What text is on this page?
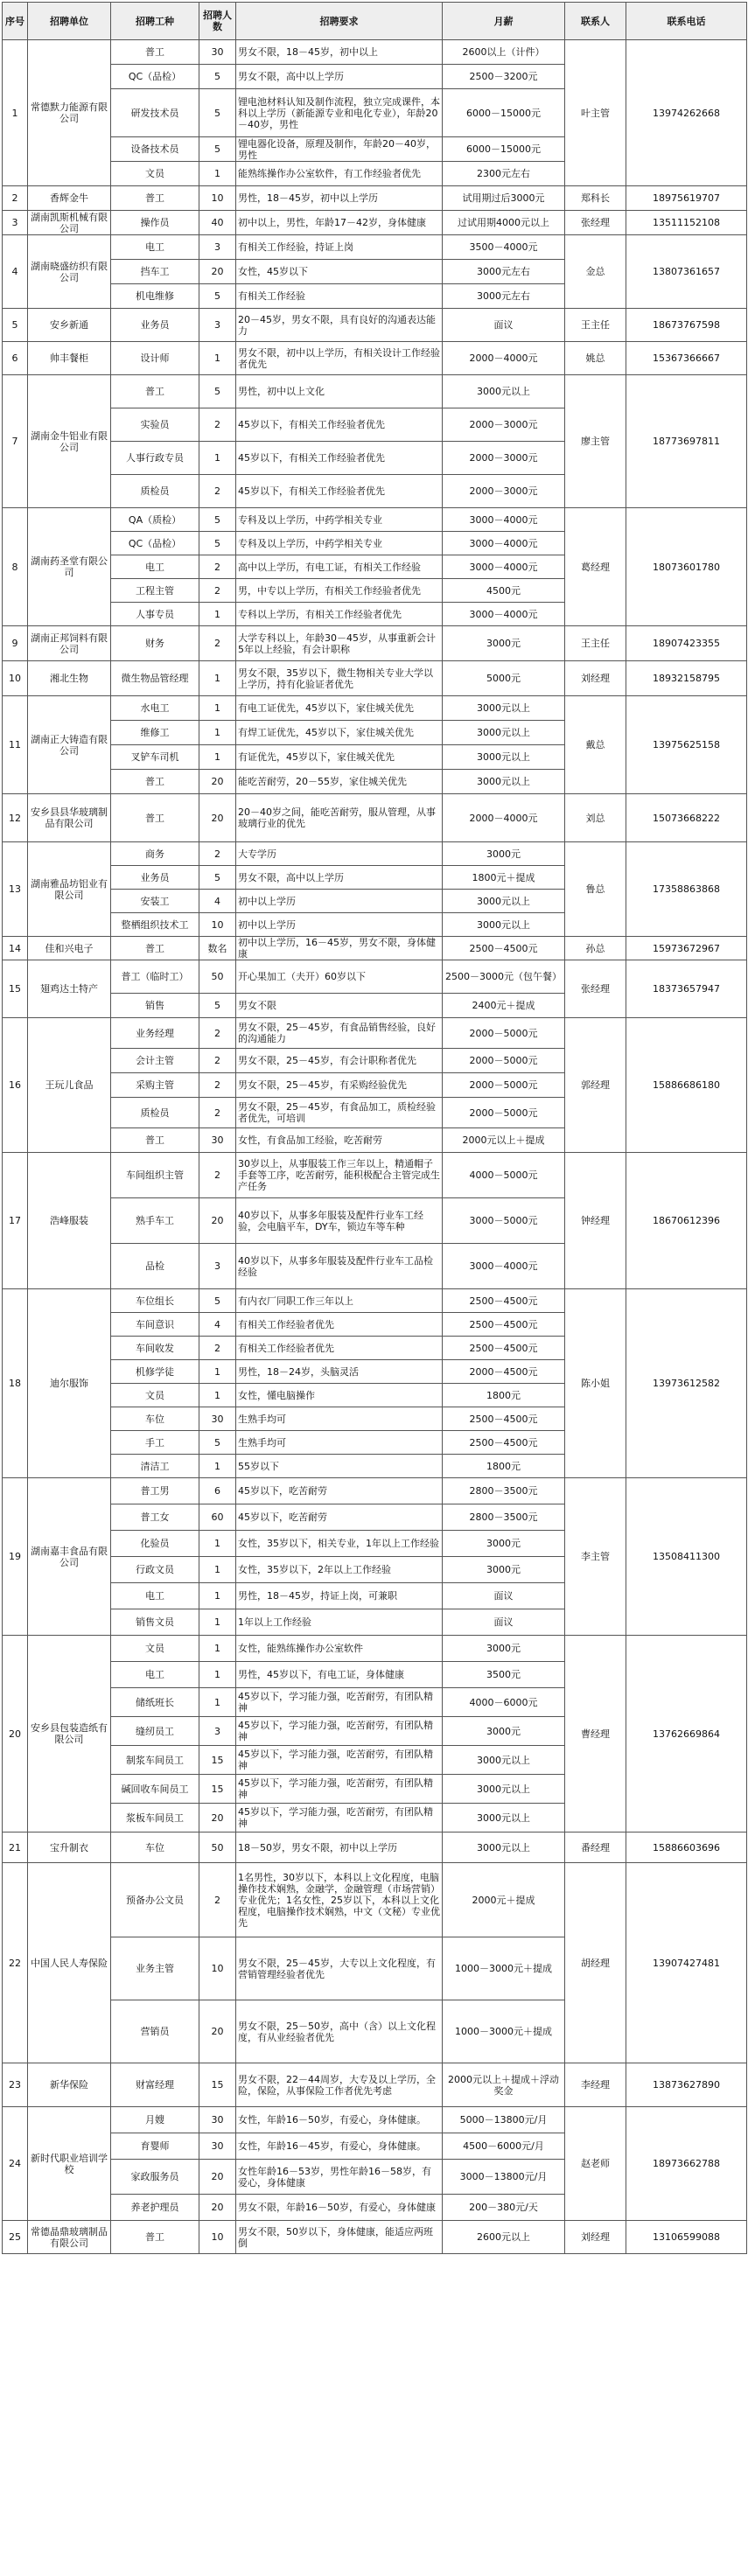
序号	招聘单位	招聘工种	招聘人数	招聘要求	月薪	联系人	联系电话
1	常德默力能源有限公司	普工	30	男女不限，18－45岁，初中以上	2600以上（计件）	叶主管	13974262668
		QC（品检）	5	男女不限，高中以上学历	2500－3200元		
		研发技术员	5	锂电池材料认知及制作流程，独立完成课件，本科以上学历（新能源专业和电化专业），年龄20－40岁，男性	6000－15000元		
		设备技术员	5	锂电器化设备，原理及制作，年龄20－40岁，男性	6000－15000元		
		文员	1	能熟练操作办公室软件，有工作经验者优先	2300元左右		
2	香辉金牛	普工	10	男性，18－45岁，初中以上学历	试用期过后3000元	郑科长	18975619707
3	湖南凯斯机械有限公司	操作员	40	初中以上，男性，年龄17－42岁，身体健康	过试用期4000元以上	张经理	13511152108
4	湖南晓盛纺织有限公司	电工	3	有相关工作经验，持证上岗	3500－4000元	金总	13807361657
		挡车工	20	女性，45岁以下	3000元左右		
		机电维修	5	有相关工作经验	3000元左右		
5	安乡新通	业务员	3	20－45岁，男女不限，具有良好的沟通表达能力	面议	王主任	18673767598
6	帅丰餐柜	设计师	1	男女不限，初中以上学历，有相关设计工作经验者优先	2000－4000元	姚总	15367366667
7	湖南金牛铝业有限公司	普工	5	男性，初中以上文化	3000元以上	廖主管	18773697811
		实验员	2	45岁以下，有相关工作经验者优先	2000－3000元		
		人事行政专员	1	45岁以下，有相关工作经验者优先	2000－3000元		
		质检员	2	45岁以下，有相关工作经验者优先	2000－3000元		
8	湖南药圣堂有限公司	QA（质检）	5	专科及以上学历，中药学相关专业	3000－4000元	葛经理	18073601780
		QC（品检）	5	专科及以上学历，中药学相关专业	3000－4000元		
		电工	2	高中以上学历，有电工证，有相关工作经验	3000－4000元		
		工程主管	2	男，中专以上学历，有相关工作经验者优先	4500元		
		人事专员	1	专科以上学历，有相关工作经验者优先	3000－4000元		
9	湖南正邦饲料有限公司	财务	2	大学专科以上，年龄30－45岁，从事重新会计5年以上经验，有会计职称	3000元	王主任	18907423355
10	湘北生物	微生物品管经理	1	男女不限，35岁以下，微生物相关专业大学以上学历，持有化验证者优先	5000元	刘经理	18932158795
11	湖南正大铸造有限公司	水电工	1	有电工证优先，45岁以下，家住城关优先	3000元以上	戴总	13975625158
		维修工	1	有焊工证优先，45岁以下，家住城关优先	3000元以上		
		叉铲车司机	1	有证优先，45岁以下，家住城关优先	3000元以上		
		普工	20	能吃苦耐劳，20－55岁，家住城关优先	3000元以上		
12	安乡县县华玻璃制品有限公司	普工	20	20－40岁之间，能吃苦耐劳，服从管理，从事玻璃行业的优先	2000－4000元	刘总	15073668222
13	湖南雅品坊铝业有限公司	商务	2	大专学历	3000元	鲁总	17358863868
		业务员	5	男女不限，高中以上学历	1800元＋提成		
		安装工	4	初中以上学历	3000元以上		
		整栖组织技术工	10	初中以上学历	3000元以上		
14	佳和兴电子	普工	数名	初中以上学历，16－45岁，男女不限，身体健康	2500－4500元	孙总	15973672967
15	翅鸡达土特产	普工（临时工）	50	开心果加工（夫开）60岁以下	2500－3000元（包午餐）	张经理	18373657947
		销售	5	男女不限	2400元＋提成		
16	王玩儿食品	业务经理	2	男女不限，25－45岁，有食品销售经验，良好的沟通能力	2000－5000元	郭经理	15886686180
		会计主管	2	男女不限，25－45岁，有会计职称者优先	2000－5000元		
		采购主管	2	男女不限，25－45岁，有采购经验优先	2000－5000元		
		质检员	2	男女不限，25－45岁，有食品加工，质检经验者优先，可培训	2000－5000元		
		普工	30	女性，有食品加工经验，吃苦耐劳	2000元以上＋提成		
17	浩峰服装	车间组织主管	2	30岁以上，从事服装工作三年以上，精通帽子手套等工序，吃苦耐劳，能积极配合主管完成生产任务	4000－5000元	钟经理	18670612396
		熟手车工	20	40岁以下，从事多年服装及配件行业车工经验，会电脑平车，DY车，锁边车等车种	3000－5000元		
		品检	3	40岁以下，从事多年服装及配件行业车工品检经验	3000－4000元		
18	迪尔服饰	车位组长	5	有内衣厂同职工作三年以上	2500－4500元	陈小姐	13973612582
		车间意识	4	有相关工作经验者优先	2500－4500元		
		车间收发	2	有相关工作经验者优先	2500－4500元		
		机修学徒	1	男性，18－24岁，头脑灵活	2000－4500元		
		文员	1	女性，懂电脑操作	1800元		
		车位	30	生熟手均可	2500－4500元		
		手工	5	生熟手均可	2500－4500元		
		清洁工	1	55岁以下	1800元		
19	湖南嘉丰食品有限公司	普工男	6	45岁以下，吃苦耐劳	2800－3500元	李主管	13508411300
		普工女	60	45岁以下，吃苦耐劳	2800－3500元		
		化验员	1	女性，35岁以下，相关专业，1年以上工作经验	3000元		
		行政文员	1	女性，35岁以下，2年以上工作经验	3000元		
		电工	1	男性，18－45岁，持证上岗，可兼职	面议		
		销售文员	1	1年以上工作经验	面议		
20	安乡县包装造纸有限公司	文员	1	女性，能熟练操作办公室软件	3000元	曹经理	13762669864
		电工	1	男性，45岁以下，有电工证，身体健康	3500元		
		储纸班长	1	45岁以下，学习能力强，吃苦耐劳，有团队精神	4000－6000元		
		缝纫员工	3	45岁以下，学习能力强，吃苦耐劳，有团队精神	3000元		
		制浆车间员工	15	45岁以下，学习能力强，吃苦耐劳，有团队精神	3000元以上		
		碱回收车间员工	15	45岁以下，学习能力强，吃苦耐劳，有团队精神	3000元以上		
		浆板车间员工	20	45岁以下，学习能力强，吃苦耐劳，有团队精神	3000元以上		
21	宝升制衣	车位	50	18－50岁，男女不限，初中以上学历	3000元以上	番经理	15886603696
22	中国人民人寿保险	预备办公文员	2	1名男性，30岁以下，本科以上文化程度，电脑操作技术娴熟，金融学，金融管理（市场营销）专业优先；1名女性，25岁以下，本科以上文化程度，电脑操作技术娴熟，中文（文秘）专业优先	2000元＋提成	胡经理	13907427481
		业务主管	10	男女不限，25－45岁，大专以上文化程度，有营销管理经验者优先	1000－3000元＋提成		
		营销员	20	男女不限，25－50岁，高中（含）以上文化程度，有从业经验者优先	1000－3000元＋提成		
23	新华保险	财富经理	15	男女不限，22－44周岁，大专及以上学历，全险，保险，从事保险工作者优先考虑	2000元以上＋提成＋浮动奖金	李经理	13873627890
24	新时代职业培训学校	月嫂	30	女性，年龄16－50岁，有爱心，身体健康。	5000－13800元/月	赵老师	18973662788
		育婴师	30	女性，年龄16－45岁，有爱心，身体健康。	4500－6000元/月		
		家政服务员	20	女性年龄16－53岁，男性年龄16－58岁，有爱心，身体健康	3000－13800元/月		
		养老护理员	20	男女不限，年龄16－50岁，有爱心，身体健康	200－380元/天		
25	常德晶鼎玻璃制品有限公司	普工	10	男女不限，50岁以下，身体健康，能适应两班倒	2600元以上	刘经理	13106599088
